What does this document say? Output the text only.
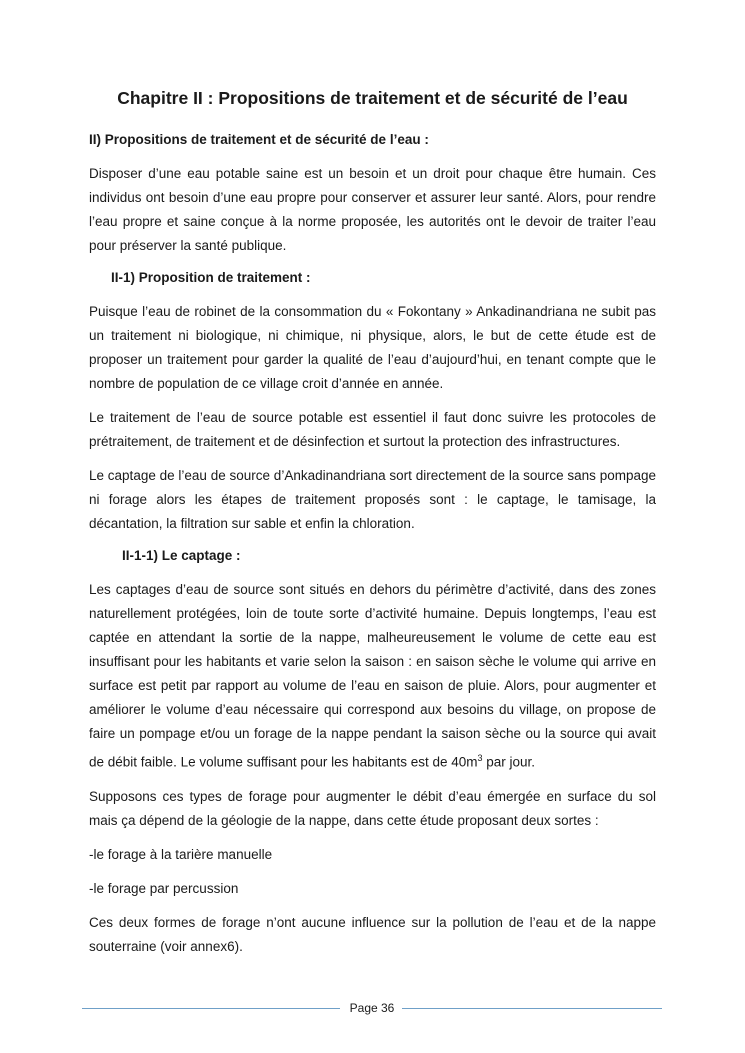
Chapitre II : Propositions de traitement et de sécurité de l’eau
II) Propositions de traitement et de sécurité de l’eau :

Disposer d’une eau potable saine est un besoin et un droit pour chaque être humain. Ces individus ont besoin d’une eau propre pour conserver et assurer leur santé. Alors, pour rendre l’eau propre et saine conçue à la norme proposée, les autorités ont le devoir de traiter l’eau pour préserver la santé publique.

II-1) Proposition de traitement :

Puisque l’eau de robinet de la consommation du « Fokontany » Ankadinandriana ne subit pas un traitement ni biologique, ni chimique, ni physique, alors, le but de cette étude est de proposer un traitement pour garder la qualité de l’eau d’aujourd’hui, en tenant compte que le nombre de population de ce village croit d’année en année.

Le traitement de l’eau de source potable est essentiel il faut donc suivre les protocoles de prétraitement, de traitement et de désinfection et surtout la protection des infrastructures.

Le captage de l’eau de source d’Ankadinandriana sort directement de la source sans pompage ni forage alors les étapes de traitement proposés sont : le captage, le tamisage, la décantation, la filtration sur sable et enfin la chloration.

II-1-1) Le captage :

Les captages d’eau de source sont situés en dehors du périmètre d’activité, dans des zones naturellement protégées, loin de toute sorte d’activité humaine. Depuis longtemps, l’eau est captée en attendant la sortie de la nappe, malheureusement le volume de cette eau est insuffisant pour les habitants et varie selon la saison : en saison sèche le volume qui arrive en surface est petit par rapport au volume de l’eau en saison de pluie. Alors, pour augmenter et améliorer le volume d’eau nécessaire qui correspond aux besoins du village, on propose de faire un pompage et/ou un forage de la nappe pendant la saison sèche ou la source qui avait de débit faible. Le volume suffisant pour les habitants est de $40m^3$ par jour.

Supposons ces types de forage pour augmenter le débit d’eau émergée en surface du sol mais ça dépend de la géologie de la nappe, dans cette étude proposant deux sortes :

-le forage à la tarière manuelle

-le forage par percussion

Ces deux formes de forage n’ont aucune influence sur la pollution de l’eau et de la nappe souterraine (voir annex6).

Page 36
